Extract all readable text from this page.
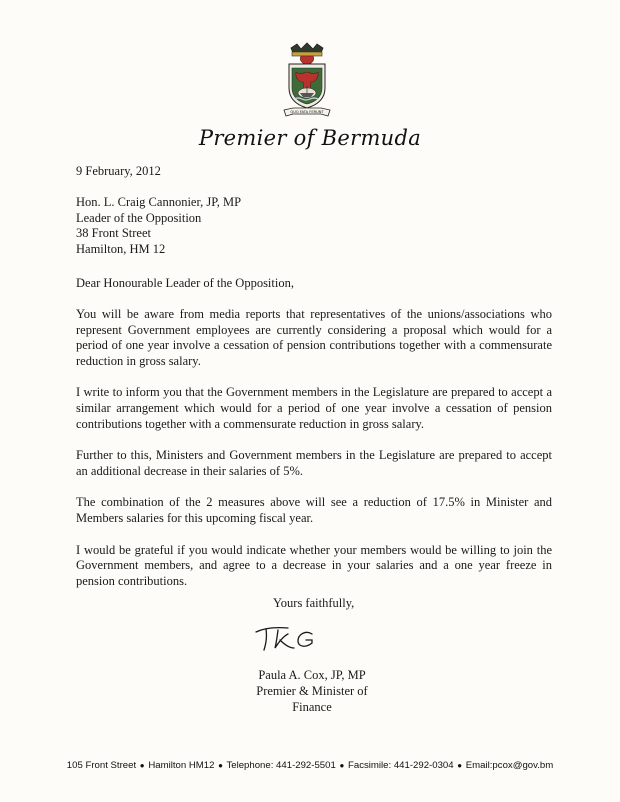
QUO FATA FERUNT
Premier of Bermuda
9 February, 2012
Hon. L. Craig Cannonier, JP, MP
Leader of the Opposition
38 Front Street
Hamilton, HM 12
Dear Honourable Leader of the Opposition,

You will be aware from media reports that representatives of the unions/associations who represent Government employees are currently considering a proposal which would for a period of one year involve a cessation of pension contributions together with a commensurate reduction in gross salary.

I write to inform you that the Government members in the Legislature are prepared to accept a similar arrangement which would for a period of one year involve a cessation of pension contributions together with a commensurate reduction in gross salary.

Further to this, Ministers and Government members in the Legislature are prepared to accept an additional decrease in their salaries of 5%.

The combination of the 2 measures above will see a reduction of 17.5% in Minister and Members salaries for this upcoming fiscal year.

I would be grateful if you would indicate whether your members would be willing to join the Government members, and agree to a decrease in your salaries and a one year freeze in pension contributions.

Yours faithfully,
Paula A. Cox, JP, MP
Premier & Minister of Finance
105 Front Street ● Hamilton HM12 ● Telephone: 441-292-5501 ● Facsimile: 441-292-0304 ● Email:pcox@gov.bm
